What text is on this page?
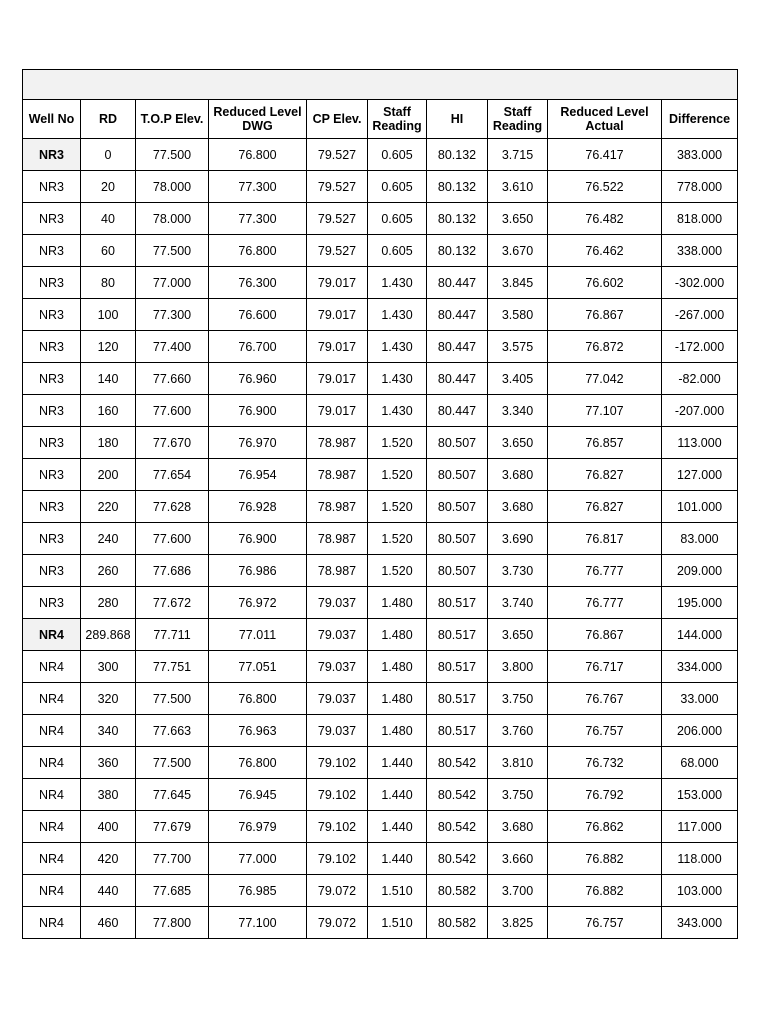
Well No	RD	T.O.P Elev.	Reduced Level DWG	CP Elev.	Staff Reading	HI	Staff Reading	Reduced Level Actual	Difference
NR3	0	77.500	76.800	79.527	0.605	80.132	3.715	76.417	383.000
NR3	20	78.000	77.300	79.527	0.605	80.132	3.610	76.522	778.000
NR3	40	78.000	77.300	79.527	0.605	80.132	3.650	76.482	818.000
NR3	60	77.500	76.800	79.527	0.605	80.132	3.670	76.462	338.000
NR3	80	77.000	76.300	79.017	1.430	80.447	3.845	76.602	-302.000
NR3	100	77.300	76.600	79.017	1.430	80.447	3.580	76.867	-267.000
NR3	120	77.400	76.700	79.017	1.430	80.447	3.575	76.872	-172.000
NR3	140	77.660	76.960	79.017	1.430	80.447	3.405	77.042	-82.000
NR3	160	77.600	76.900	79.017	1.430	80.447	3.340	77.107	-207.000
NR3	180	77.670	76.970	78.987	1.520	80.507	3.650	76.857	113.000
NR3	200	77.654	76.954	78.987	1.520	80.507	3.680	76.827	127.000
NR3	220	77.628	76.928	78.987	1.520	80.507	3.680	76.827	101.000
NR3	240	77.600	76.900	78.987	1.520	80.507	3.690	76.817	83.000
NR3	260	77.686	76.986	78.987	1.520	80.507	3.730	76.777	209.000
NR3	280	77.672	76.972	79.037	1.480	80.517	3.740	76.777	195.000
NR4	289.868	77.711	77.011	79.037	1.480	80.517	3.650	76.867	144.000
NR4	300	77.751	77.051	79.037	1.480	80.517	3.800	76.717	334.000
NR4	320	77.500	76.800	79.037	1.480	80.517	3.750	76.767	33.000
NR4	340	77.663	76.963	79.037	1.480	80.517	3.760	76.757	206.000
NR4	360	77.500	76.800	79.102	1.440	80.542	3.810	76.732	68.000
NR4	380	77.645	76.945	79.102	1.440	80.542	3.750	76.792	153.000
NR4	400	77.679	76.979	79.102	1.440	80.542	3.680	76.862	117.000
NR4	420	77.700	77.000	79.102	1.440	80.542	3.660	76.882	118.000
NR4	440	77.685	76.985	79.072	1.510	80.582	3.700	76.882	103.000
NR4	460	77.800	77.100	79.072	1.510	80.582	3.825	76.757	343.000
